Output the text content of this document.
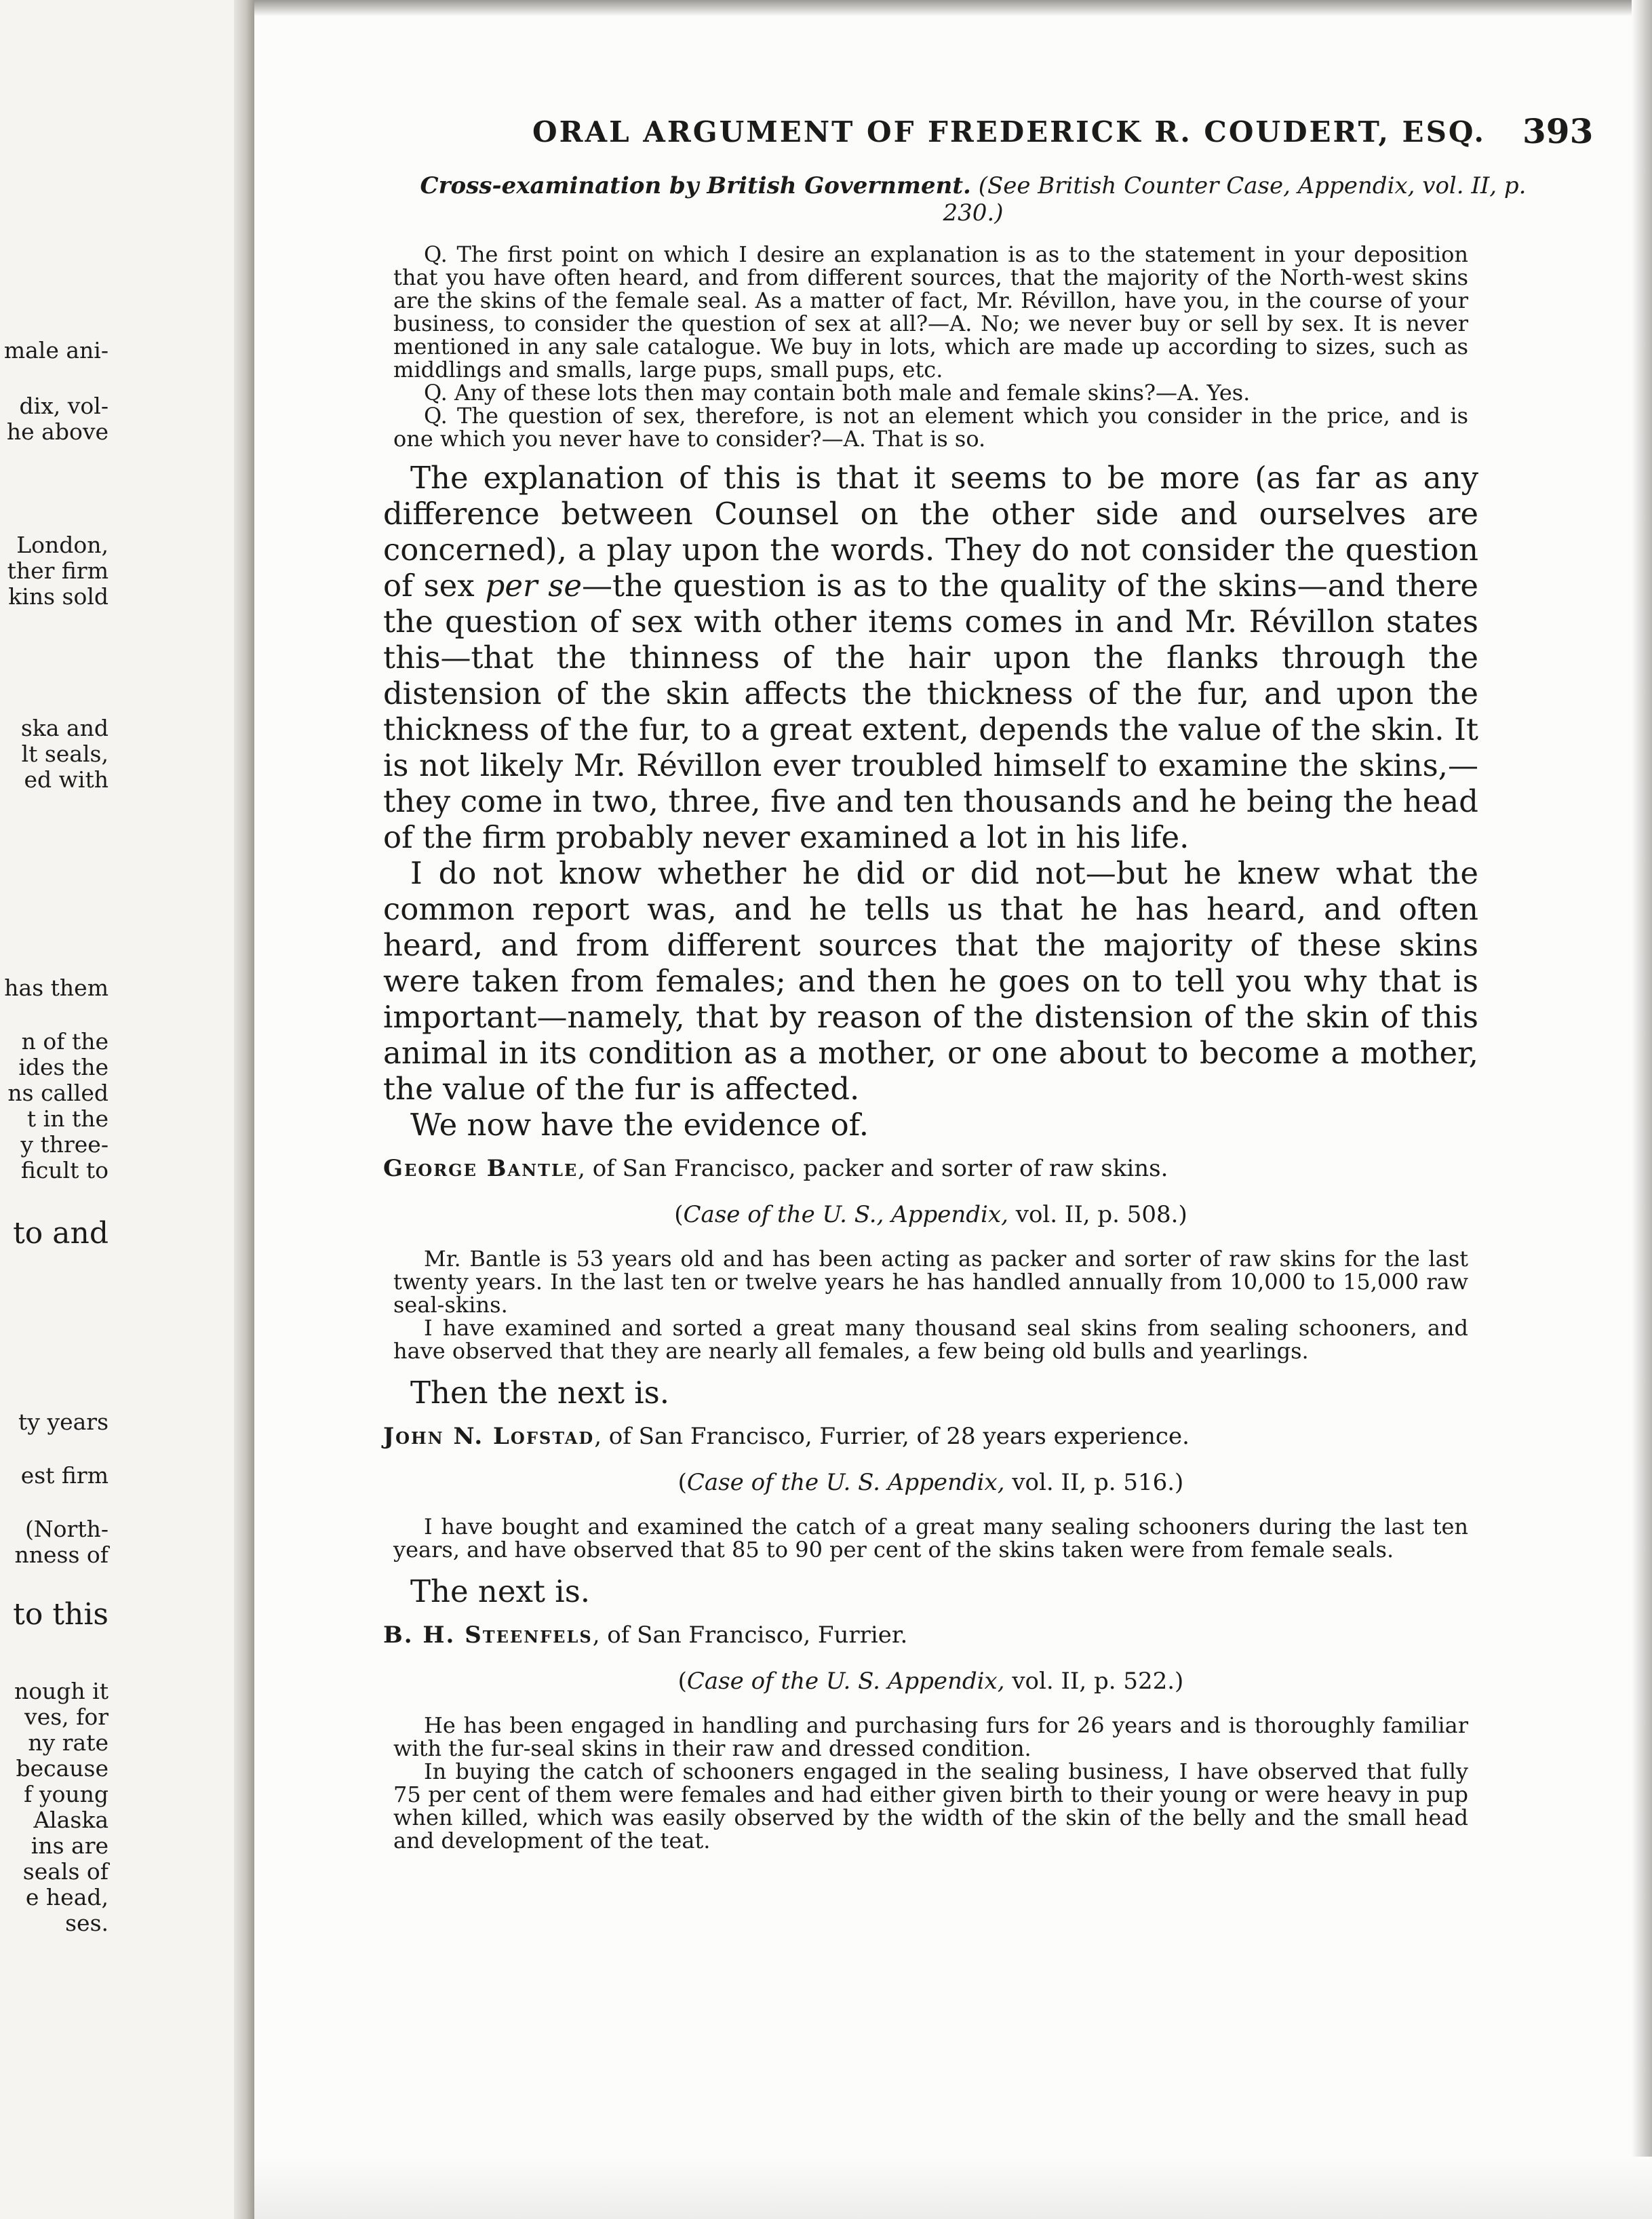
male ani-
dix, vol-
he above
London,
ther firm
kins sold
ska and
lt seals,
ed with
has them
n of the
ides the
ns called
t in the
y three-
ficult to
to and
ty years
est firm
(North-
nness of
to this
nough it
ves, for
ny rate
because
f young
Alaska
ins are
seals of
e head,
ses.
ORAL ARGUMENT OF FREDERICK R. COUDERT, ESQ. 393
Cross-examination by British Government. (See British Counter Case, Appendix, vol. II, p. 230.)

Q. The first point on which I desire an explanation is as to the statement in your deposition that you have often heard, and from different sources, that the majority of the North-west skins are the skins of the female seal. As a matter of fact, Mr. Révillon, have you, in the course of your business, to consider the question of sex at all?—A. No; we never buy or sell by sex. It is never mentioned in any sale catalogue. We buy in lots, which are made up according to sizes, such as middlings and smalls, large pups, small pups, etc.

Q. Any of these lots then may contain both male and female skins?—A. Yes.

Q. The question of sex, therefore, is not an element which you consider in the price, and is one which you never have to consider?—A. That is so.

The explanation of this is that it seems to be more (as far as any difference between Counsel on the other side and ourselves are concerned), a play upon the words. They do not consider the question of sex per se—the question is as to the quality of the skins—and there the question of sex with other items comes in and Mr. Révillon states this—that the thinness of the hair upon the flanks through the distension of the skin affects the thickness of the fur, and upon the thickness of the fur, to a great extent, depends the value of the skin. It is not likely Mr. Révillon ever troubled himself to examine the skins,—they come in two, three, five and ten thousands and he being the head of the firm probably never examined a lot in his life.

I do not know whether he did or did not—but he knew what the common report was, and he tells us that he has heard, and often heard, and from different sources that the majority of these skins were taken from females; and then he goes on to tell you why that is important—namely, that by reason of the distension of the skin of this animal in its condition as a mother, or one about to become a mother, the value of the fur is affected.

We now have the evidence of.

George Bantle, of San Francisco, packer and sorter of raw skins.

(Case of the U. S., Appendix, vol. II, p. 508.)

Mr. Bantle is 53 years old and has been acting as packer and sorter of raw skins for the last twenty years. In the last ten or twelve years he has handled annually from 10,000 to 15,000 raw seal-skins.

I have examined and sorted a great many thousand seal skins from sealing schooners, and have observed that they are nearly all females, a few being old bulls and yearlings.

Then the next is.

John N. Lofstad, of San Francisco, Furrier, of 28 years experience.

(Case of the U. S. Appendix, vol. II, p. 516.)

I have bought and examined the catch of a great many sealing schooners during the last ten years, and have observed that 85 to 90 per cent of the skins taken were from female seals.

The next is.

B. H. Steenfels, of San Francisco, Furrier.

(Case of the U. S. Appendix, vol. II, p. 522.)

He has been engaged in handling and purchasing furs for 26 years and is thoroughly familiar with the fur-seal skins in their raw and dressed condition.

In buying the catch of schooners engaged in the sealing business, I have observed that fully 75 per cent of them were females and had either given birth to their young or were heavy in pup when killed, which was easily observed by the width of the skin of the belly and the small head and development of the teat.
